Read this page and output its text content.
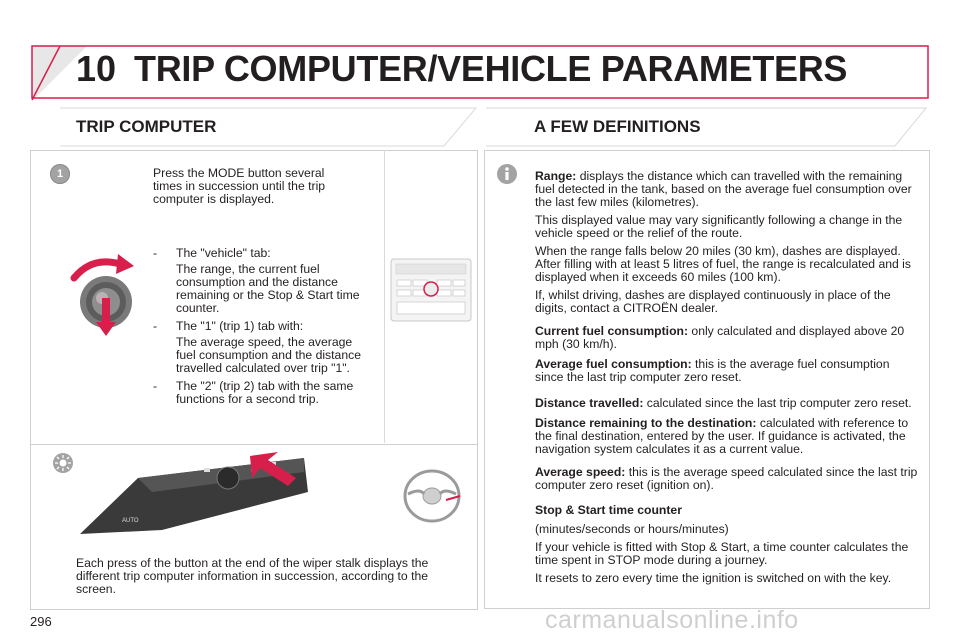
10 TRIP COMPUTER/VEHICLE PARAMETERS
TRIP COMPUTER	A FEW DEFINITIONS
1	Press the MODE button several times in succession until the trip computer is displayed.
- The "vehicle" tab:
The range, the current fuel consumption and the distance remaining or the Stop & Start time counter.
- The "1" (trip 1) tab with:
The average speed, the average fuel consumption and the distance travelled calculated over trip "1".
- The "2" (trip 2) tab with the same functions for a second trip.
AUTO
Each press of the button at the end of the wiper stalk displays the different trip computer information in succession, according to the screen.

Range: displays the distance which can travelled with the remaining fuel detected in the tank, based on the average fuel consumption over the last few miles (kilometres).

This displayed value may vary significantly following a change in the vehicle speed or the relief of the route.

When the range falls below 20 miles (30 km), dashes are displayed. After filling with at least 5 litres of fuel, the range is recalculated and is displayed when it exceeds 60 miles (100 km).

If, whilst driving, dashes are displayed continuously in place of the digits, contact a CITROËN dealer.

Current fuel consumption: only calculated and displayed above 20 mph (30 km/h).

Average fuel consumption: this is the average fuel consumption since the last trip computer zero reset.

Distance travelled: calculated since the last trip computer zero reset.

Distance remaining to the destination: calculated with reference to the final destination, entered by the user. If guidance is activated, the navigation system calculates it as a current value.

Average speed: this is the average speed calculated since the last trip computer zero reset (ignition on).

Stop & Start time counter

(minutes/seconds or hours/minutes)

If your vehicle is fitted with Stop & Start, a time counter calculates the time spent in STOP mode during a journey.

It resets to zero every time the ignition is switched on with the key.

296	carmanualsonline.info
